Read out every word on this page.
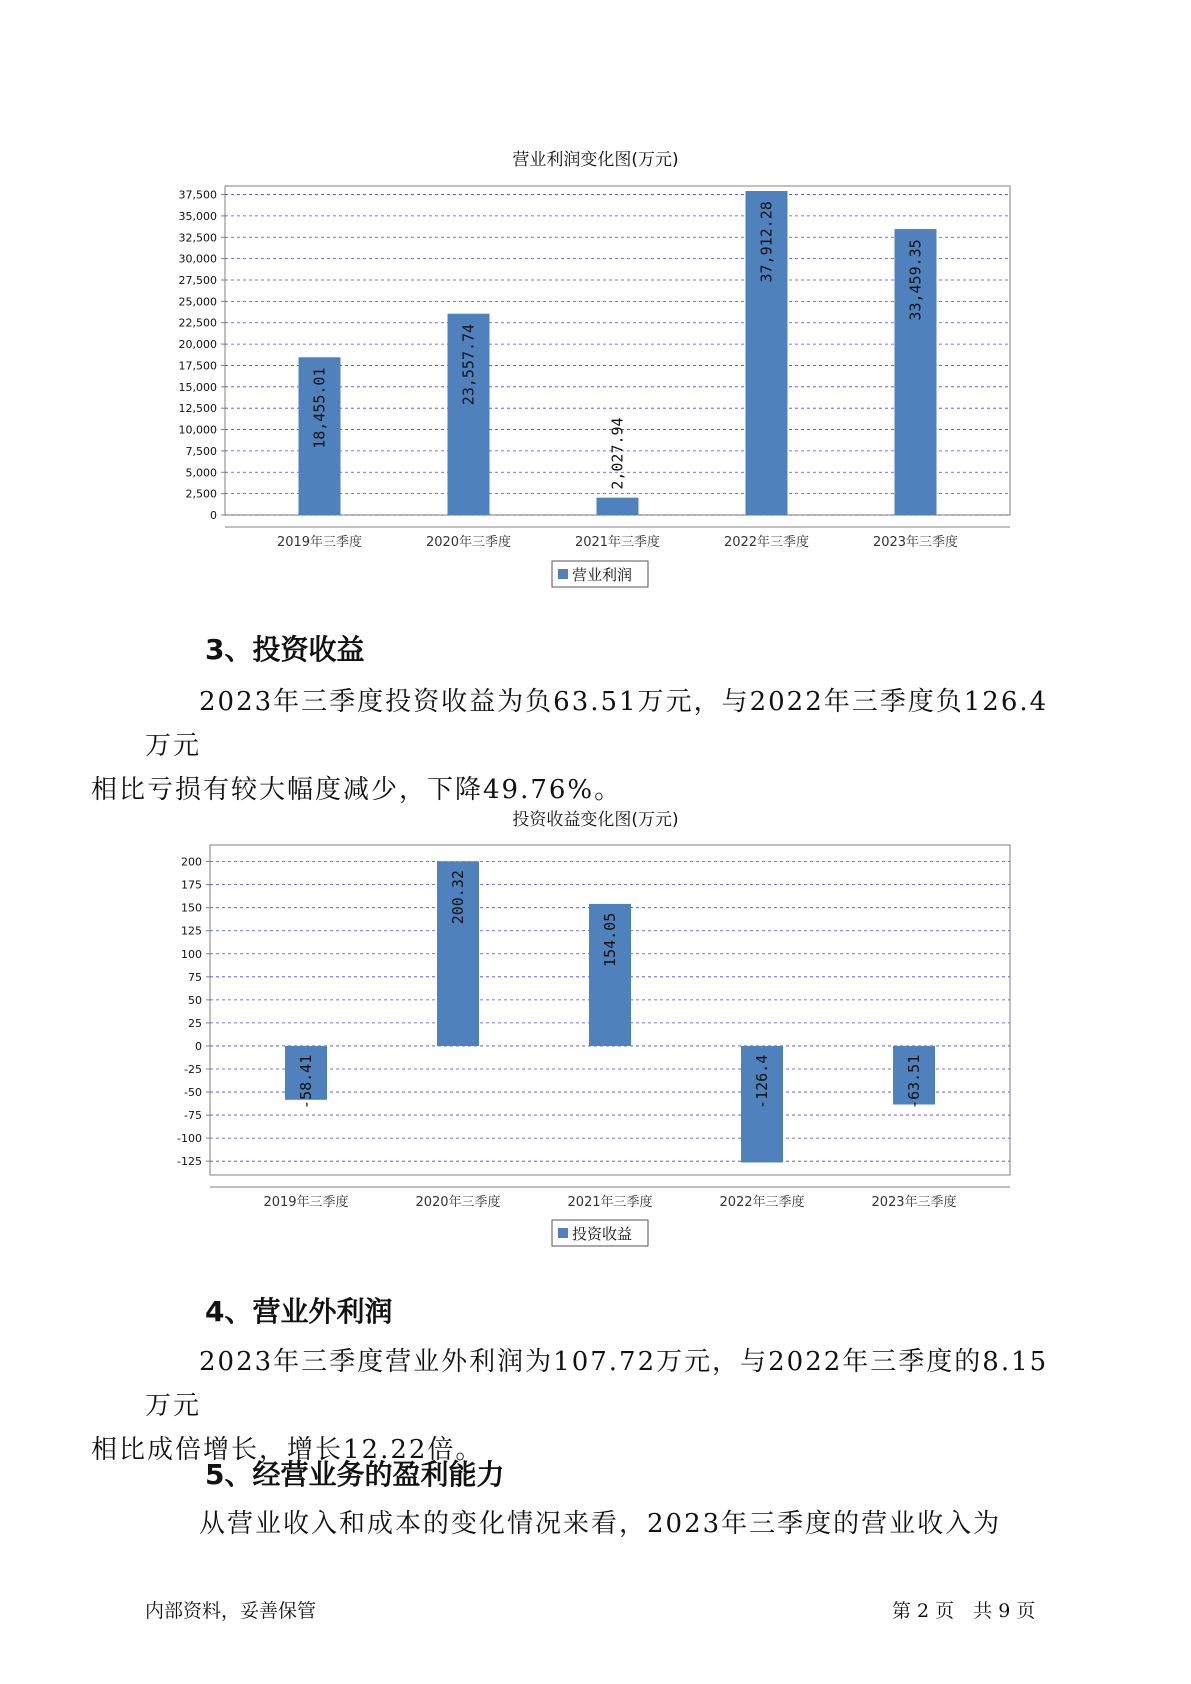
营业利润变化图(万元)
0
2,500
5,000
7,500
10,000
12,500
15,000
17,500
20,000
22,500
25,000
27,500
30,000
32,500
35,000
37,500
18,455.01
2019年三季度
23,557.74
2020年三季度
2,027.94
2021年三季度
37,912.28
2022年三季度
33,459.35
2023年三季度
营业利润
3、投资收益

2023年三季度投资收益为负63.51万元，与2022年三季度负126.4万元
相比亏损有较大幅度减少，下降49.76%。

投资收益变化图(万元)
-125
-100
-75
-50
-25
0
25
50
75
100
125
150
175
200
-58.41
2019年三季度
200.32
2020年三季度
154.05
2021年三季度
-126.4
2022年三季度
-63.51
2023年三季度
投资收益
4、营业外利润

2023年三季度营业外利润为107.72万元，与2022年三季度的8.15万元
相比成倍增长，增长12.22倍。

5、经营业务的盈利能力

从营业收入和成本的变化情况来看，2023年三季度的营业收入为

内部资料，妥善保管	第 2 页　共 9 页
